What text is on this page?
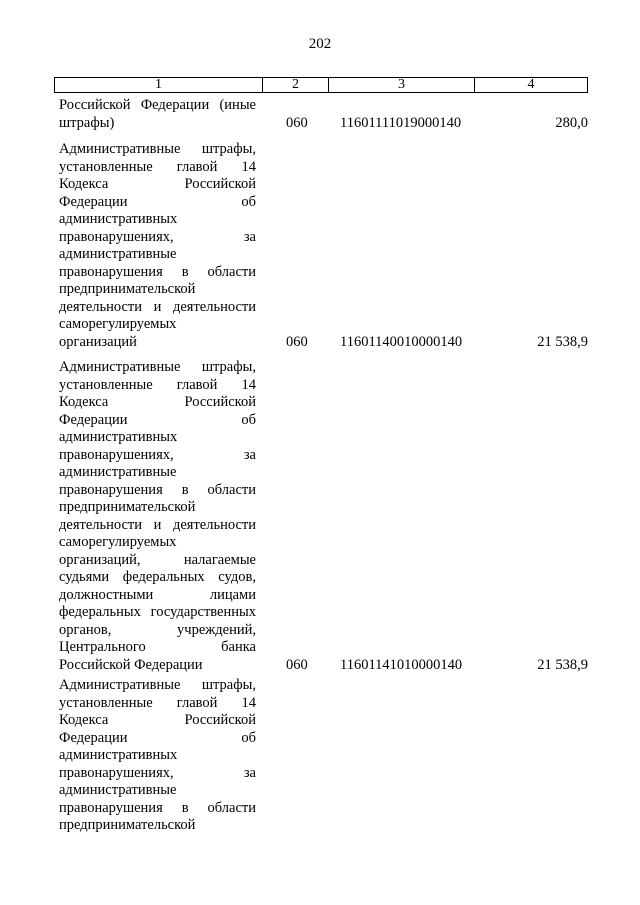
202
1	2	3	4
Российской Федерации (иные
штрафы)	060 11601111019000140	280,0
Административные штрафы,
установленные главой 14
Кодекса Российской
Федерации об
административных
правонарушениях, за
административные
правонарушения в области
предпринимательской
деятельности и деятельности
саморегулируемых
организаций	060 11601140010000140	21 538,9
Административные штрафы,
установленные главой 14
Кодекса Российской
Федерации об
административных
правонарушениях, за
административные
правонарушения в области
предпринимательской
деятельности и деятельности
саморегулируемых
организаций, налагаемые
судьями федеральных судов,
должностными лицами
федеральных государственных
органов, учреждений,
Центрального банка
Российской Федерации	060 11601141010000140	21 538,9
Административные штрафы,
установленные главой 14
Кодекса Российской
Федерации об
административных
правонарушениях, за
административные
правонарушения в области
предпринимательской
